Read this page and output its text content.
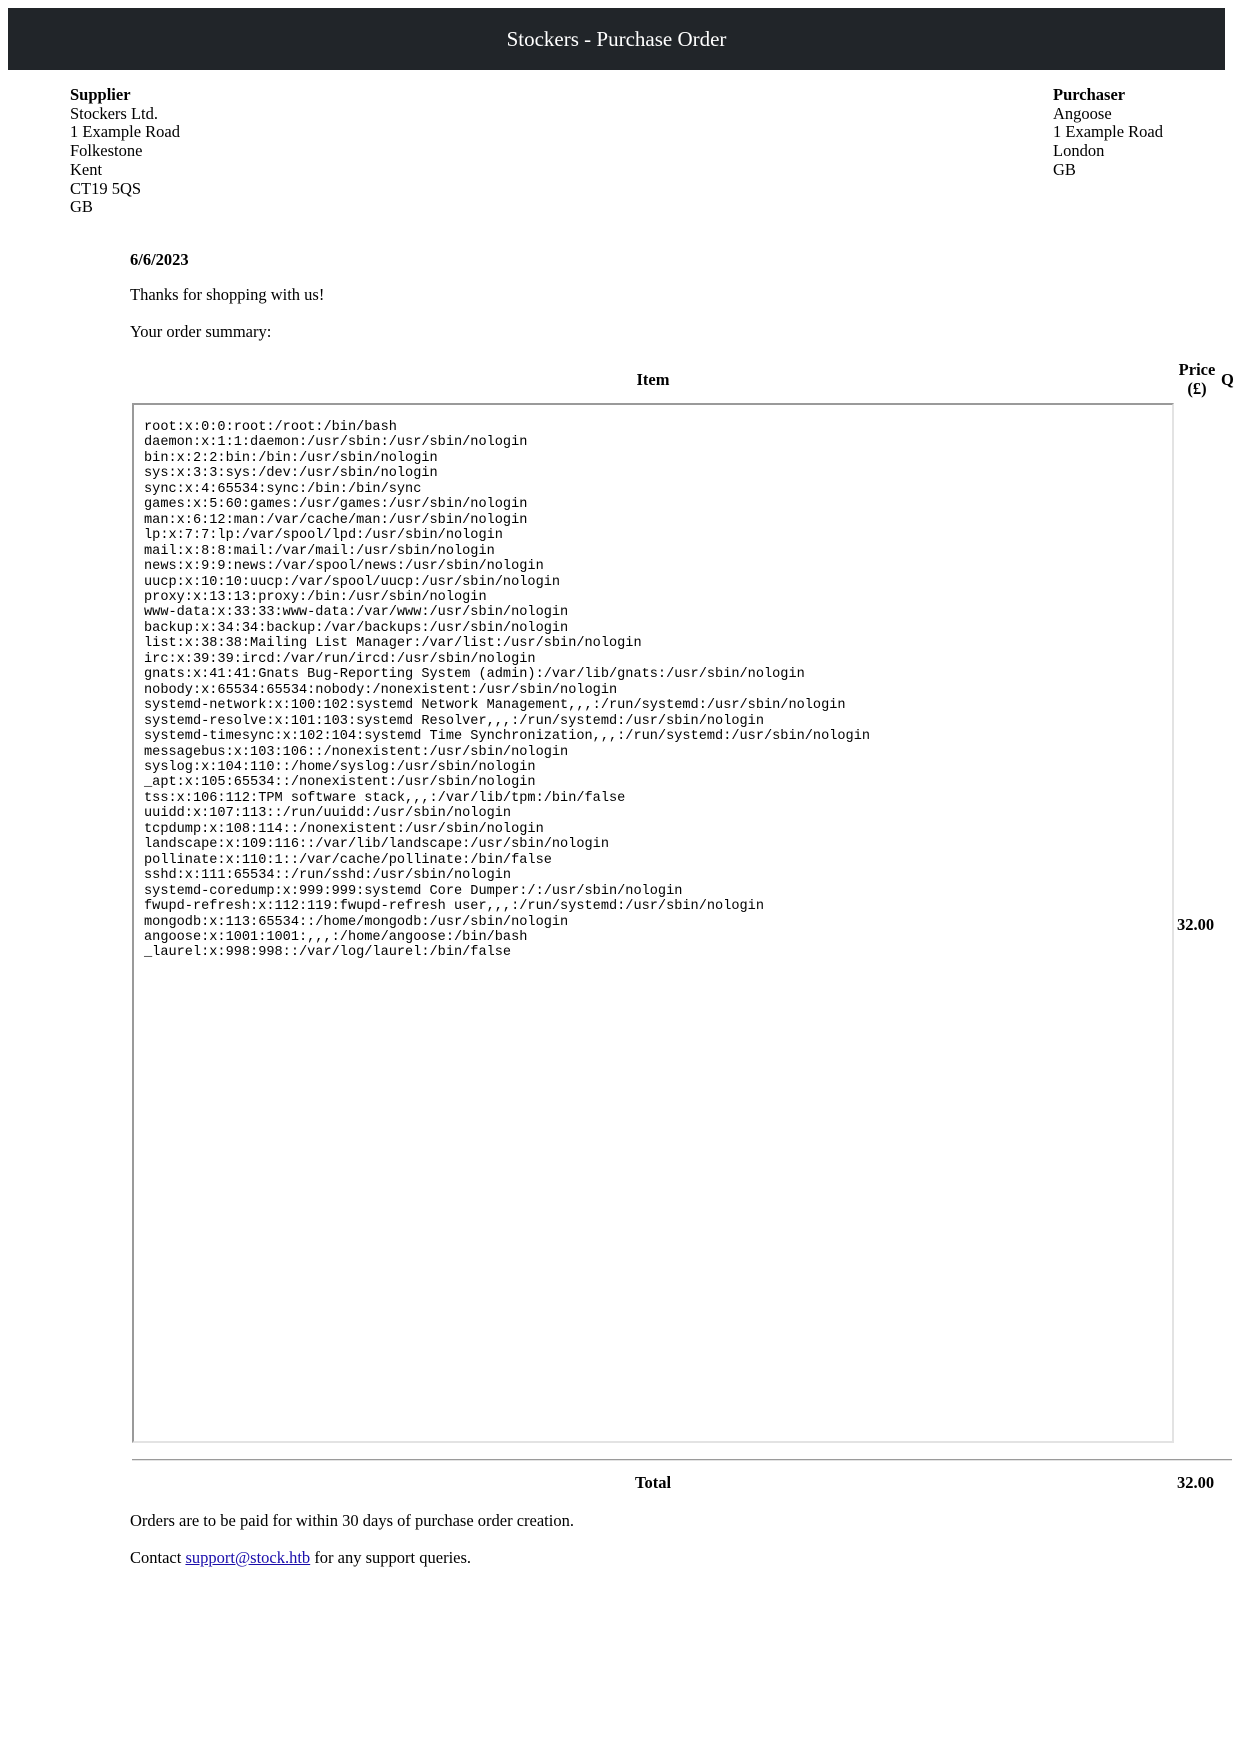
Stockers - Purchase Order
Supplier
Stockers Ltd.
1 Example Road
Folkestone
Kent
CT19 5QS
GB
Purchaser
Angoose
1 Example Road
London
GB

6/6/2023

Thanks for shopping with us!

Your order summary:

Item
Price
(£) Q
root:x:0:0:root:/root:/bin/bash
daemon:x:1:1:daemon:/usr/sbin:/usr/sbin/nologin
bin:x:2:2:bin:/bin:/usr/sbin/nologin
sys:x:3:3:sys:/dev:/usr/sbin/nologin
sync:x:4:65534:sync:/bin:/bin/sync
games:x:5:60:games:/usr/games:/usr/sbin/nologin
man:x:6:12:man:/var/cache/man:/usr/sbin/nologin
lp:x:7:7:lp:/var/spool/lpd:/usr/sbin/nologin
mail:x:8:8:mail:/var/mail:/usr/sbin/nologin
news:x:9:9:news:/var/spool/news:/usr/sbin/nologin
uucp:x:10:10:uucp:/var/spool/uucp:/usr/sbin/nologin
proxy:x:13:13:proxy:/bin:/usr/sbin/nologin
www-data:x:33:33:www-data:/var/www:/usr/sbin/nologin
backup:x:34:34:backup:/var/backups:/usr/sbin/nologin
list:x:38:38:Mailing List Manager:/var/list:/usr/sbin/nologin
irc:x:39:39:ircd:/var/run/ircd:/usr/sbin/nologin
gnats:x:41:41:Gnats Bug-Reporting System (admin):/var/lib/gnats:/usr/sbin/nologin
nobody:x:65534:65534:nobody:/nonexistent:/usr/sbin/nologin
systemd-network:x:100:102:systemd Network Management,,,:/run/systemd:/usr/sbin/nologin
systemd-resolve:x:101:103:systemd Resolver,,,:/run/systemd:/usr/sbin/nologin
systemd-timesync:x:102:104:systemd Time Synchronization,,,:/run/systemd:/usr/sbin/nologin
messagebus:x:103:106::/nonexistent:/usr/sbin/nologin
syslog:x:104:110::/home/syslog:/usr/sbin/nologin
_apt:x:105:65534::/nonexistent:/usr/sbin/nologin
tss:x:106:112:TPM software stack,,,:/var/lib/tpm:/bin/false
uuidd:x:107:113::/run/uuidd:/usr/sbin/nologin
tcpdump:x:108:114::/nonexistent:/usr/sbin/nologin
landscape:x:109:116::/var/lib/landscape:/usr/sbin/nologin
pollinate:x:110:1::/var/cache/pollinate:/bin/false
sshd:x:111:65534::/run/sshd:/usr/sbin/nologin
systemd-coredump:x:999:999:systemd Core Dumper:/:/usr/sbin/nologin
fwupd-refresh:x:112:119:fwupd-refresh user,,,:/run/systemd:/usr/sbin/nologin
mongodb:x:113:65534::/home/mongodb:/usr/sbin/nologin
angoose:x:1001:1001:,,,:/home/angoose:/bin/bash
_laurel:x:998:998::/var/log/laurel:/bin/false
32.00
Total	32.00

Orders are to be paid for within 30 days of purchase order creation.

Contact support@stock.htb for any support queries.
